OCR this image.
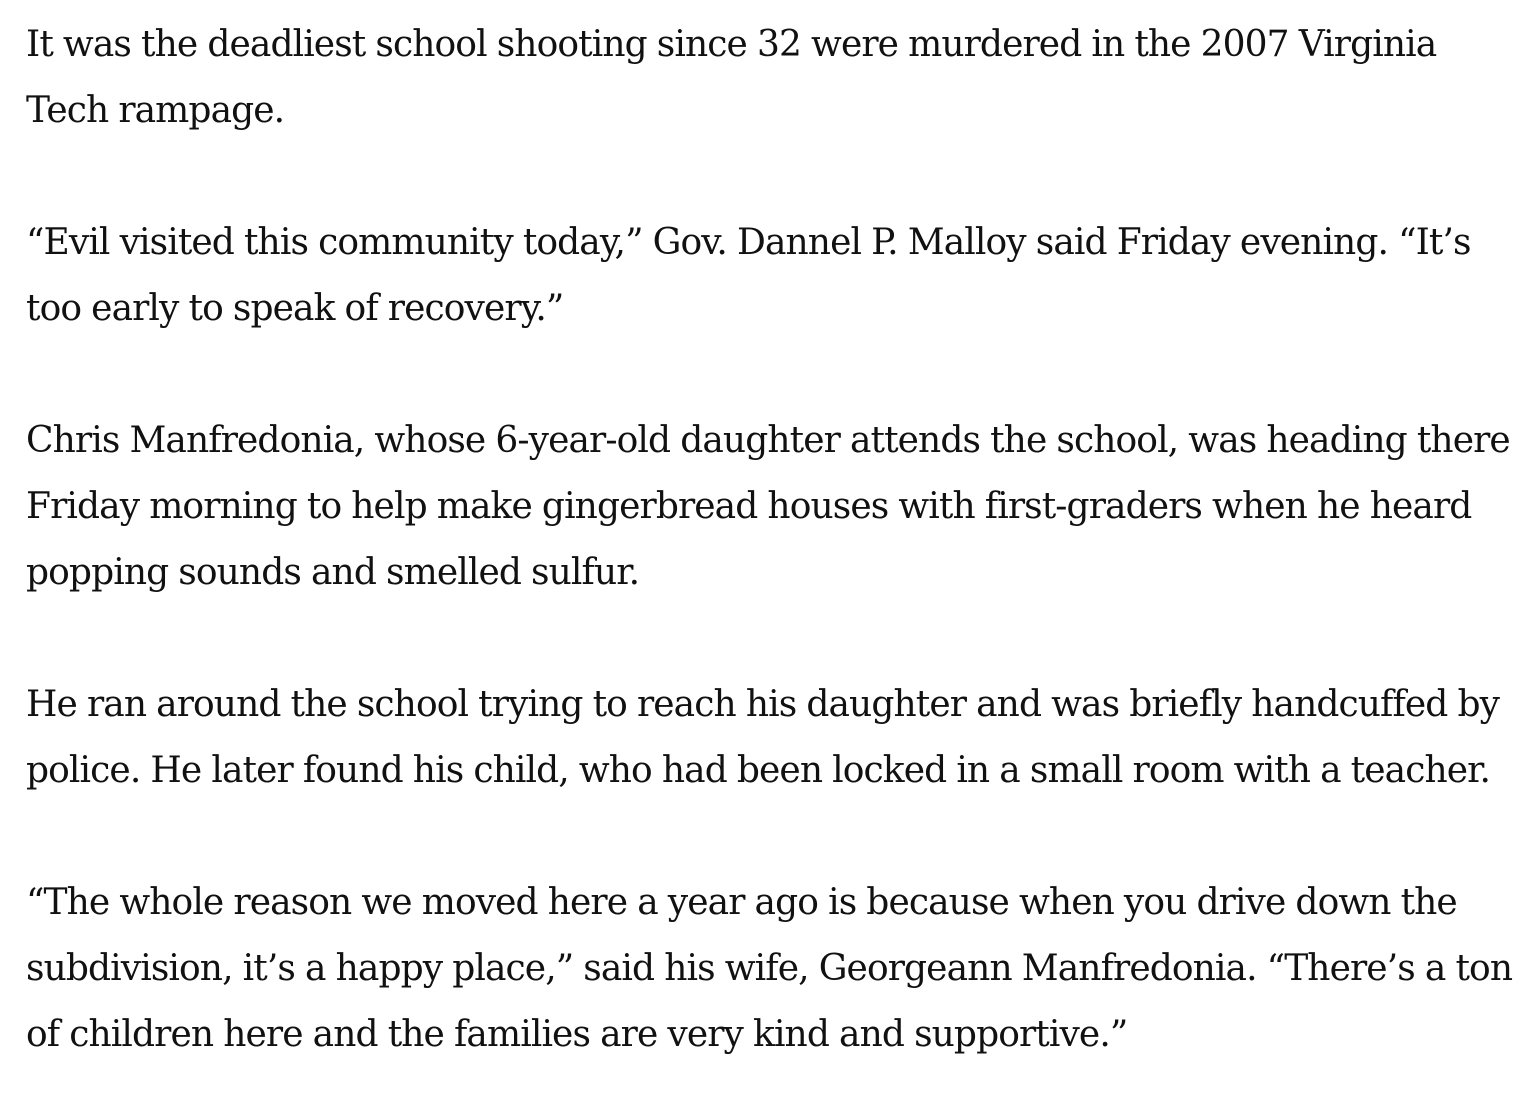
It was the deadliest school shooting since 32 were murdered in the 2007 Virginia Tech rampage.

“Evil visited this community today,” Gov. Dannel P. Malloy said Friday evening. “It’s too early to speak of recovery.”

Chris Manfredonia, whose 6-year-old daughter attends the school, was heading there Friday morning to help make gingerbread houses with first-graders when he heard popping sounds and smelled sulfur.

He ran around the school trying to reach his daughter and was briefly handcuffed by police. He later found his child, who had been locked in a small room with a teacher.

“The whole reason we moved here a year ago is because when you drive down the subdivision, it’s a happy place,” said his wife, Georgeann Manfredonia. “There’s a ton of children here and the families are very kind and supportive.”
